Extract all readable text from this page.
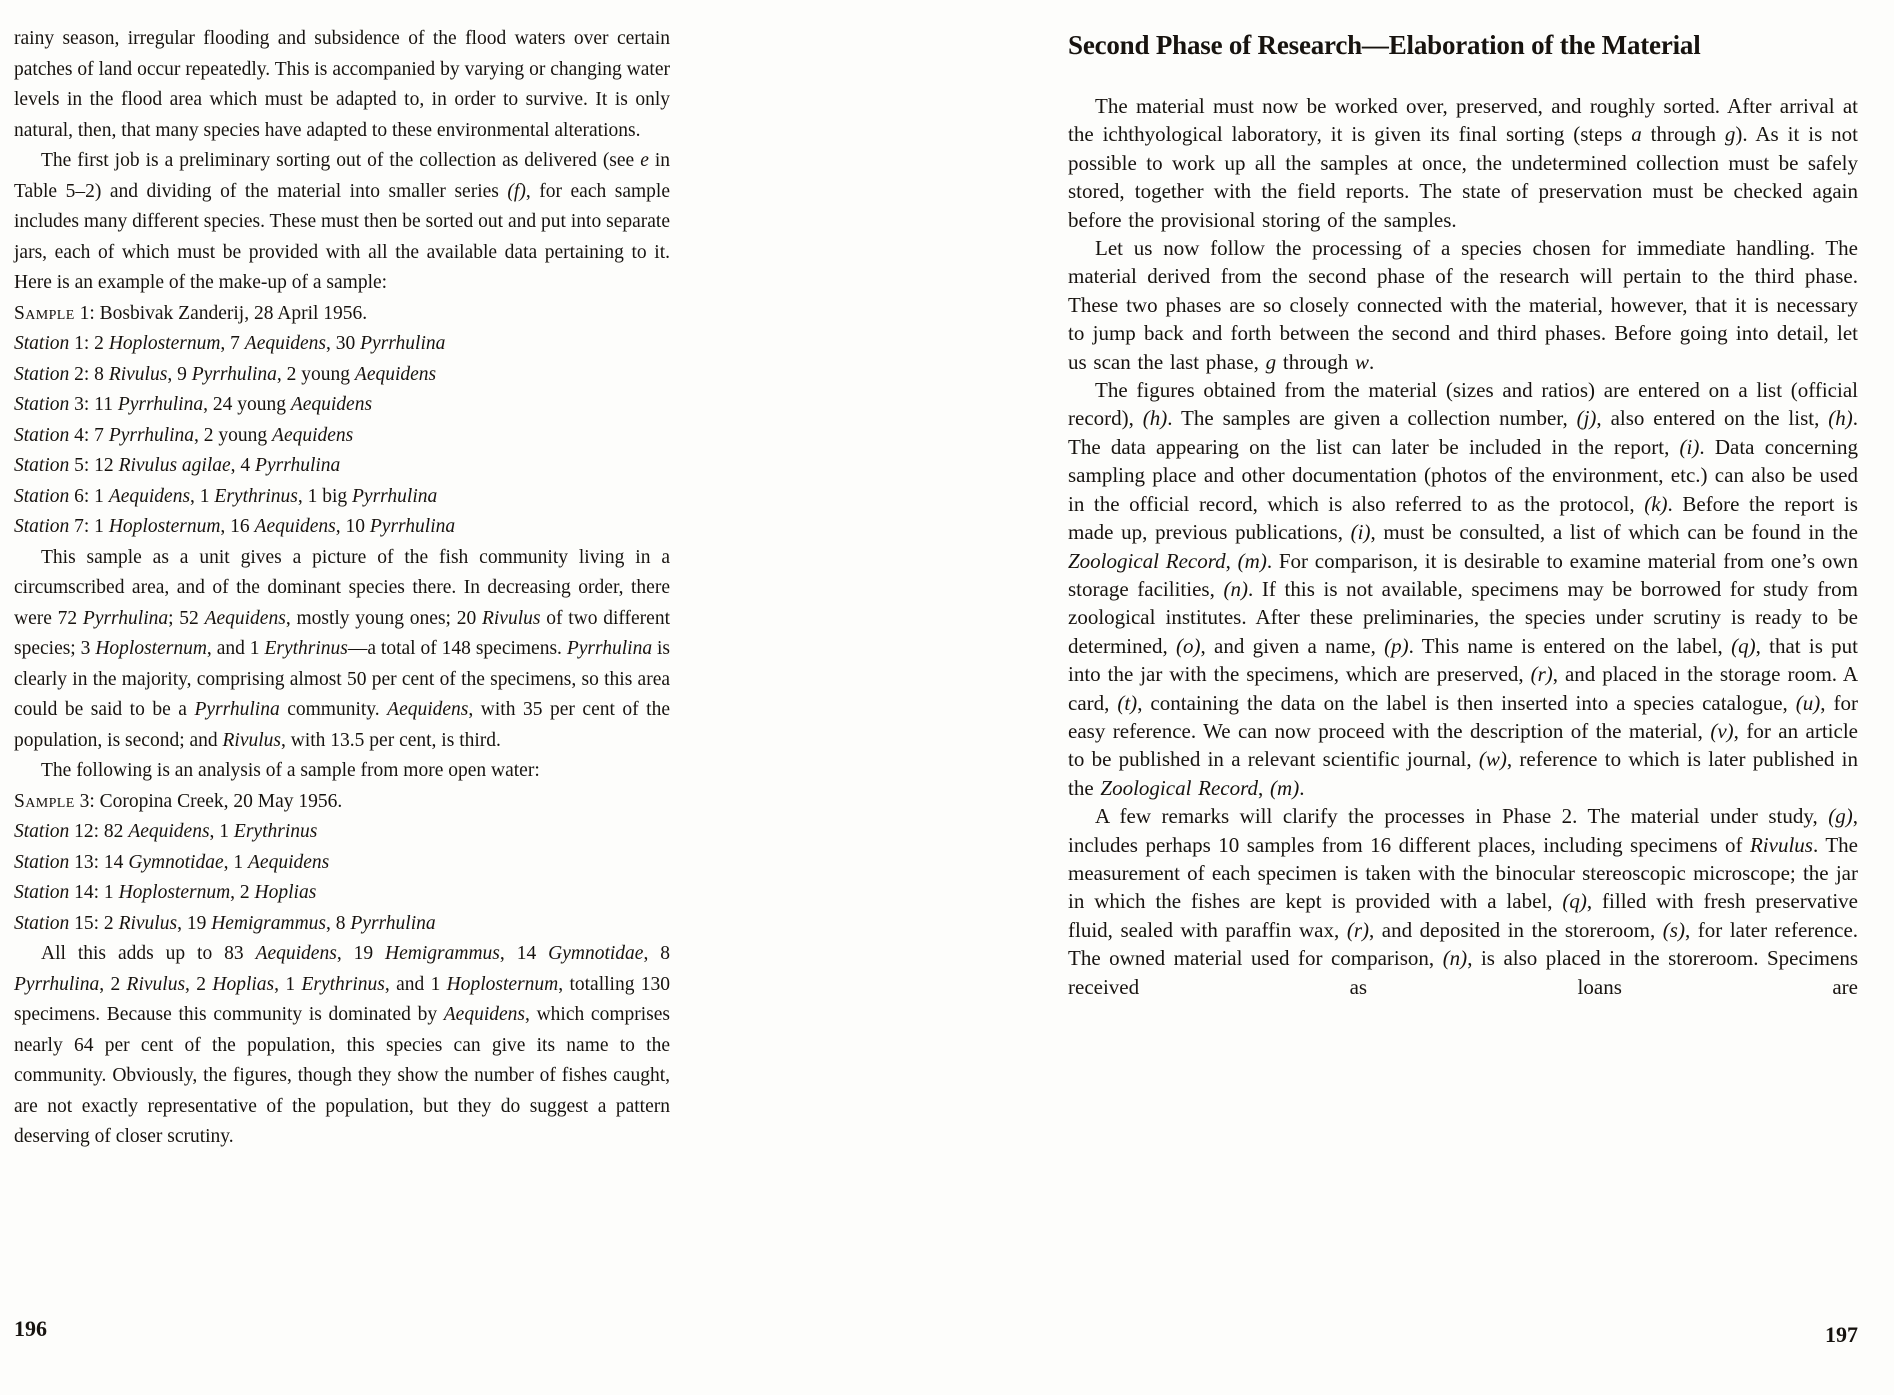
rainy season, irregular flooding and subsidence of the flood waters over certain patches of land occur repeatedly. This is accompanied by varying or changing water levels in the flood area which must be adapted to, in order to survive. It is only natural, then, that many species have adapted to these environmental alterations.

The first job is a preliminary sorting out of the collection as delivered (see e in Table 5–2) and dividing of the material into smaller series (f), for each sample includes many different species. These must then be sorted out and put into separate jars, each of which must be provided with all the available data pertaining to it. Here is an example of the make-up of a sample:

Sample 1: Bosbivak Zanderij, 28 April 1956.

Station 1: 2 Hoplosternum, 7 Aequidens, 30 Pyrrhulina

Station 2: 8 Rivulus, 9 Pyrrhulina, 2 young Aequidens

Station 3: 11 Pyrrhulina, 24 young Aequidens

Station 4: 7 Pyrrhulina, 2 young Aequidens

Station 5: 12 Rivulus agilae, 4 Pyrrhulina

Station 6: 1 Aequidens, 1 Erythrinus, 1 big Pyrrhulina

Station 7: 1 Hoplosternum, 16 Aequidens, 10 Pyrrhulina

This sample as a unit gives a picture of the fish community living in a circumscribed area, and of the dominant species there. In decreasing order, there were 72 Pyrrhulina; 52 Aequidens, mostly young ones; 20 Rivulus of two different species; 3 Hoplosternum, and 1 Erythrinus—a total of 148 specimens. Pyrrhulina is clearly in the majority, comprising almost 50 per cent of the specimens, so this area could be said to be a Pyrrhulina community. Aequidens, with 35 per cent of the population, is second; and Rivulus, with 13.5 per cent, is third.

The following is an analysis of a sample from more open water:

Sample 3: Coropina Creek, 20 May 1956.

Station 12: 82 Aequidens, 1 Erythrinus

Station 13: 14 Gymnotidae, 1 Aequidens

Station 14: 1 Hoplosternum, 2 Hoplias

Station 15: 2 Rivulus, 19 Hemigrammus, 8 Pyrrhulina

All this adds up to 83 Aequidens, 19 Hemigrammus, 14 Gymnotidae, 8 Pyrrhulina, 2 Rivulus, 2 Hoplias, 1 Erythrinus, and 1 Hoplosternum, totalling 130 specimens. Because this community is dominated by Aequidens, which comprises nearly 64 per cent of the population, this species can give its name to the community. Obviously, the figures, though they show the number of fishes caught, are not exactly representative of the population, but they do suggest a pattern deserving of closer scrutiny.

Second Phase of Research—Elaboration of the Material

The material must now be worked over, preserved, and roughly sorted. After arrival at the ichthyological laboratory, it is given its final sorting (steps a through g). As it is not possible to work up all the samples at once, the undetermined collection must be safely stored, together with the field reports. The state of preservation must be checked again before the provisional storing of the samples.

Let us now follow the processing of a species chosen for immediate handling. The material derived from the second phase of the research will pertain to the third phase. These two phases are so closely connected with the material, however, that it is necessary to jump back and forth between the second and third phases. Before going into detail, let us scan the last phase, g through w.

The figures obtained from the material (sizes and ratios) are entered on a list (official record), (h). The samples are given a collection number, (j), also entered on the list, (h). The data appearing on the list can later be included in the report, (i). Data concerning sampling place and other documentation (photos of the environment, etc.) can also be used in the official record, which is also referred to as the protocol, (k). Before the report is made up, previous publications, (i), must be consulted, a list of which can be found in the Zoological Record, (m). For comparison, it is desirable to examine material from one’s own storage facilities, (n). If this is not available, specimens may be borrowed for study from zoological institutes. After these preliminaries, the species under scrutiny is ready to be determined, (o), and given a name, (p). This name is entered on the label, (q), that is put into the jar with the specimens, which are preserved, (r), and placed in the storage room. A card, (t), containing the data on the label is then inserted into a species catalogue, (u), for easy reference. We can now proceed with the description of the material, (v), for an article to be published in a relevant scientific journal, (w), reference to which is later published in the Zoological Record, (m).

A few remarks will clarify the processes in Phase 2. The material under study, (g), includes perhaps 10 samples from 16 different places, including specimens of Rivulus. The measurement of each specimen is taken with the binocular stereoscopic microscope; the jar in which the fishes are kept is provided with a label, (q), filled with fresh preservative fluid, sealed with paraffin wax, (r), and deposited in the storeroom, (s), for later reference. The owned material used for comparison, (n), is also placed in the storeroom. Specimens received as loans are

196	197
